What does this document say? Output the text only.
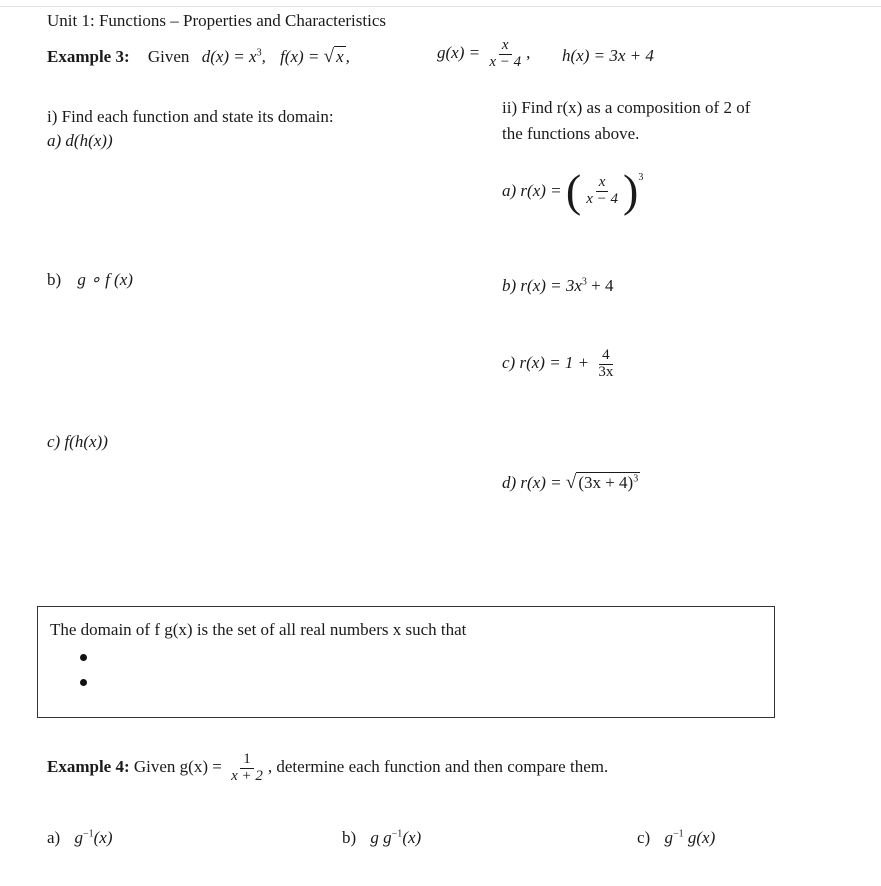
Unit 1: Functions – Properties and Characteristics
Example 3: Given $d(x) = x^3$, f(x) = √ x ,	$g(x) = \frac{x}{x - 4}$ , h(x) = 3x + 4
i) Find each function and state its domain:
a) d(h(x))
b) g ∘ f (x)
c) f(h(x))
ii) Find r(x) as a composition of 2 of
the functions above.
a) r(x) = ( $\frac{x}{x - 4} )^3$
b) $r(x) = 3x^3 + 4$
c) $r(x) = 1 + \frac{4}{3x}$
d) r(x) = √ $(3x + 4)^3$
The domain of f g(x) is the set of all real numbers x such that
Example 4: Given $g(x) = \frac{1}{x + 2}$ , determine each function and then compare them.
a) $g^{-1}(x)$	b) g $g^{-1}(x)$	c) $g^{-1}$ g(x)
